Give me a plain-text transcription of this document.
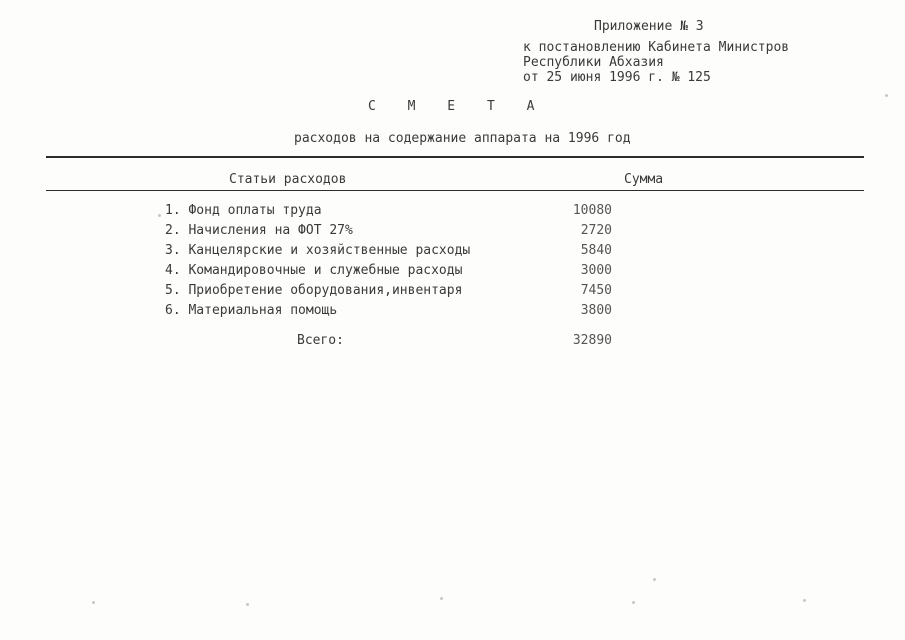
Приложение № 3
к постановлению Кабинета Министров
Республики Абхазия
от 25 июня 1996 г. № 125
С М Е Т А
расходов на содержание аппарата на 1996 год
Статьи расходов	Сумма
1. Фонд оплаты труда	10080
2. Начисления на ФОТ 27%	2720
3. Канцелярские и хозяйственные расходы	5840
4. Командировочные и служебные расходы	3000
5. Приобретение оборудования,инвентаря	7450
6. Материальная помощь	3800
Всего:	32890
